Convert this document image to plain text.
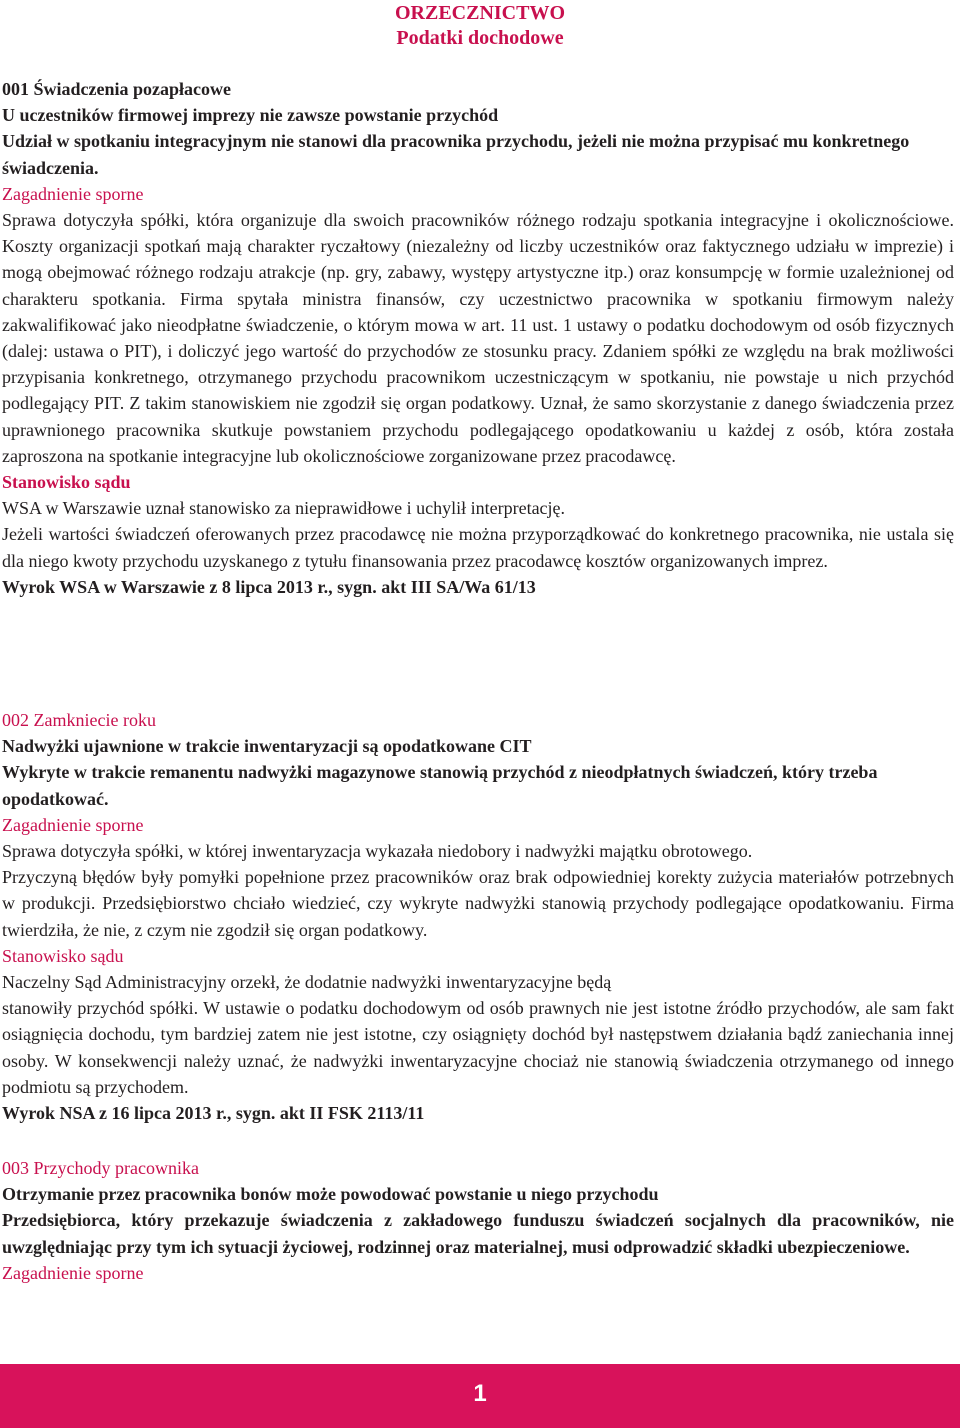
ORZECZNICTWO
Podatki dochodowe

001 Świadczenia pozapłacowe

U uczestników firmowej imprezy nie zawsze powstanie przychód

Udział w spotkaniu integracyjnym nie stanowi dla pracownika przychodu, jeżeli nie można przypisać mu konkretnego świadczenia.

Zagadnienie sporne

Sprawa dotyczyła spółki, która organizuje dla swoich pracowników różnego rodzaju spotkania integracyjne i okolicznościowe. Koszty organizacji spotkań mają charakter ryczałtowy (niezależny od liczby uczestników oraz faktycznego udziału w imprezie) i mogą obejmować różnego rodzaju atrakcje (np. gry, zabawy, występy artystyczne itp.) oraz konsumpcję w formie uzależnionej od charakteru spotkania. Firma spytała ministra finansów, czy uczestnictwo pracownika w spotkaniu firmowym należy zakwalifikować jako nieodpłatne świadczenie, o którym mowa w art. 11 ust. 1 ustawy o podatku dochodowym od osób fizycznych (dalej: ustawa o PIT), i doliczyć jego wartość do przychodów ze stosunku pracy. Zdaniem spółki ze względu na brak możliwości przypisania konkretnego, otrzymanego przychodu pracownikom uczestniczącym w spotkaniu, nie powstaje u nich przychód podlegający PIT. Z takim stanowiskiem nie zgodził się organ podatkowy. Uznał, że samo skorzystanie z danego świadczenia przez uprawnionego pracownika skutkuje powstaniem przychodu podlegającego opodatkowaniu u każdej z osób, która została zaproszona na spotkanie integracyjne lub okolicznościowe zorganizowane przez pracodawcę.

Stanowisko sądu

WSA w Warszawie uznał stanowisko za nieprawidłowe i uchylił interpretację.

Jeżeli wartości świadczeń oferowanych przez pracodawcę nie można przyporządkować do konkretnego pracownika, nie ustala się dla niego kwoty przychodu uzyskanego z tytułu finansowania przez pracodawcę kosztów organizowanych imprez.

Wyrok WSA w Warszawie z 8 lipca 2013 r., sygn. akt III SA/Wa 61/13

002 Zamkniecie roku

Nadwyżki ujawnione w trakcie inwentaryzacji są opodatkowane CIT

Wykryte w trakcie remanentu nadwyżki magazynowe stanowią przychód z nieodpłatnych świadczeń, który trzeba opodatkować.

Zagadnienie sporne

Sprawa dotyczyła spółki, w której inwentaryzacja wykazała niedobory i nadwyżki majątku obrotowego.

Przyczyną błędów były pomyłki popełnione przez pracowników oraz brak odpowiedniej korekty zużycia materiałów potrzebnych w produkcji. Przedsiębiorstwo chciało wiedzieć, czy wykryte nadwyżki stanowią przychody podlegające opodatkowaniu. Firma twierdziła, że nie, z czym nie zgodził się organ podatkowy.

Stanowisko sądu

Naczelny Sąd Administracyjny orzekł, że dodatnie nadwyżki inwentaryzacyjne będą

stanowiły przychód spółki. W ustawie o podatku dochodowym od osób prawnych nie jest istotne źródło przychodów, ale sam fakt osiągnięcia dochodu, tym bardziej zatem nie jest istotne, czy osiągnięty dochód był następstwem działania bądź zaniechania innej osoby. W konsekwencji należy uznać, że nadwyżki inwentaryzacyjne chociaż nie stanowią świadczenia otrzymanego od innego podmiotu są przychodem.

Wyrok NSA z 16 lipca 2013 r., sygn. akt II FSK 2113/11

003 Przychody pracownika

Otrzymanie przez pracownika bonów może powodować powstanie u niego przychodu

Przedsiębiorca, który przekazuje świadczenia z zakładowego funduszu świadczeń socjalnych dla pracowników, nie uwzględniając przy tym ich sytuacji życiowej, rodzinnej oraz materialnej, musi odprowadzić składki ubezpieczeniowe.

Zagadnienie sporne

1
